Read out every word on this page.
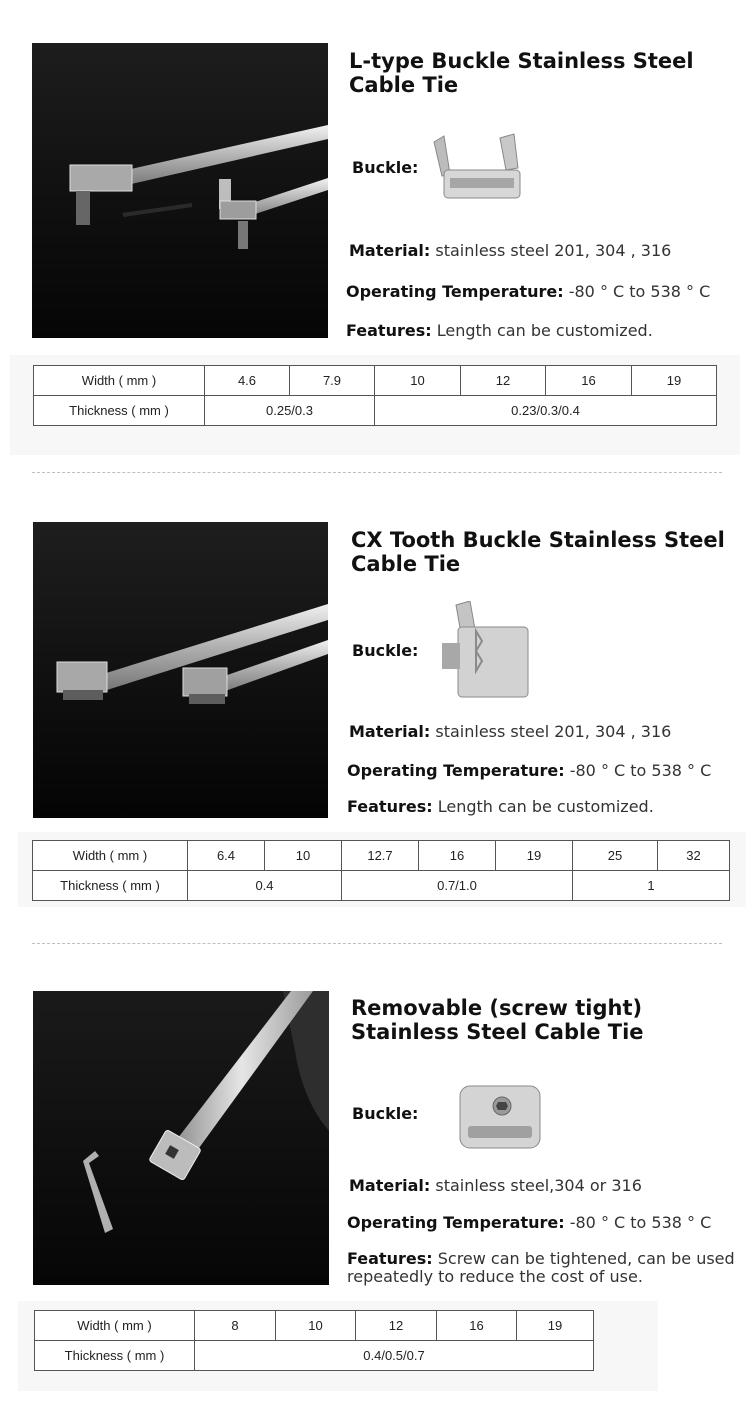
L-type Buckle Stainless Steel
Cable Tie
Buckle:
Material: stainless steel 201, 304 , 316
Operating Temperature: -80 ° C to 538 ° C
Features: Length can be customized.
Width ( mm )	4.6	7.9	10	12	16	19
Thickness ( mm )	0.25/0.3		0.23/0.3/0.4			
CX Tooth Buckle Stainless Steel
Cable Tie
Buckle:
Material: stainless steel 201, 304 , 316
Operating Temperature: -80 ° C to 538 ° C
Features: Length can be customized.
Width ( mm )	6.4	10	12.7	16	19	25	32
Thickness ( mm )	0.4		0.7/1.0			1	
Removable (screw tight)
Stainless Steel Cable Tie
Buckle:
Material: stainless steel,304 or 316
Operating Temperature: -80 ° C to 538 ° C
Features: Screw can be tightened, can be used
repeatedly to reduce the cost of use.
Width ( mm )	8	10	12	16	19
Thickness ( mm )	0.4/0.5/0.7				
